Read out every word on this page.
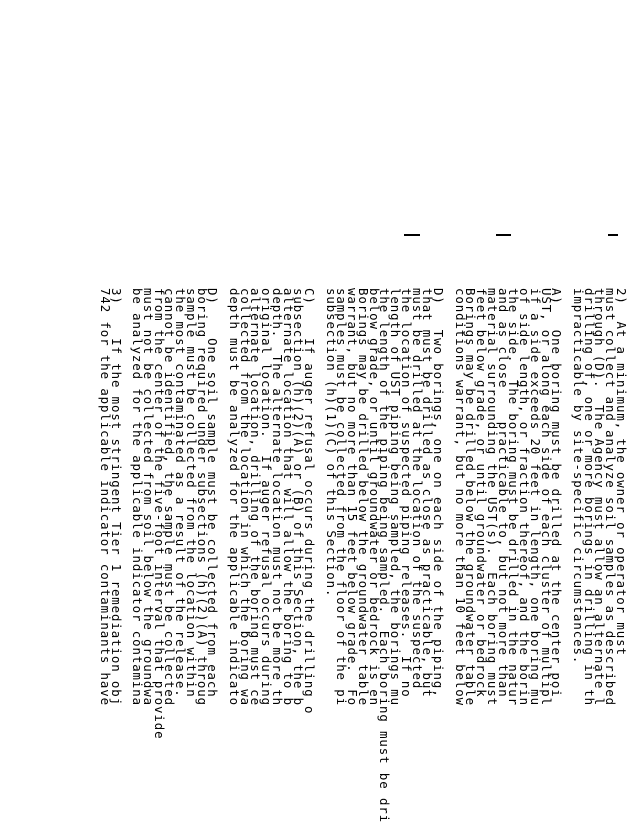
2)  At a minimum, the owner or operator must
must collect and analyze soil samples as described
through (D).  The Agency must allow an alternate l
drilling of, one or more borings in drilling in th
impracticable by site-specific circumstances.
A)   One boring must be drilled at the center poi
UST, or along each side of each cluster of multipl
if a side exceeds 20 feet in length, one boring mu
of side length, or fraction thereof, and the borin
the side.  The boring must be drilled in the natur
and as close    practicable to, but not more than
material surrounding the UST(s).  Each boring must
feet below grade, or until groundwater or bedrock
Borings may be drilled below the groundwater table
conditions warrant, but no more than 10 feet below
D)   Two borings, one on each side of the piping,
that must be drilled as close as practicable, but
must be drilled at the location of the suspected
the location of suspected piping releases.  If no
length of UST piping being sampled, the borings mu
the length of the piping being sampled.  Each boring must be dri
below grade, or until groundwater or bedrock is en
Borings may be drilled below the groundwater table
warrant, but no more than 15 feet below grade.  Fo
samples must be collected from the floor of the pi
subsection (h)(1)(C) of this Section.
C)    If auger refusal occurs during the drilling o
subsection (h)(2)(A) or (B) of this Section, the b
alternate location that will allow the boring to b
depth.  The alternate location must not be more th
original location.  If auger refusal occurs during
alternate location, drilling of the boring must ce
collected from the location in which the boring wa
depth must be analyzed for the applicable indicato
D)    One soil sample must be collected from each
boring required under subsections (h)(2)(A) throug
sample must be collected from the location within
the most contaminated as a result of the release.
cannot be identified, the sample must be collected
from the center of the five-foot interval that provide
must not be collected from soil below the groundwa
be analyzed for the applicable indicator contamina
3)    If the most stringent Tier 1 remediation obj
742 for the applicable indicator contaminants have
